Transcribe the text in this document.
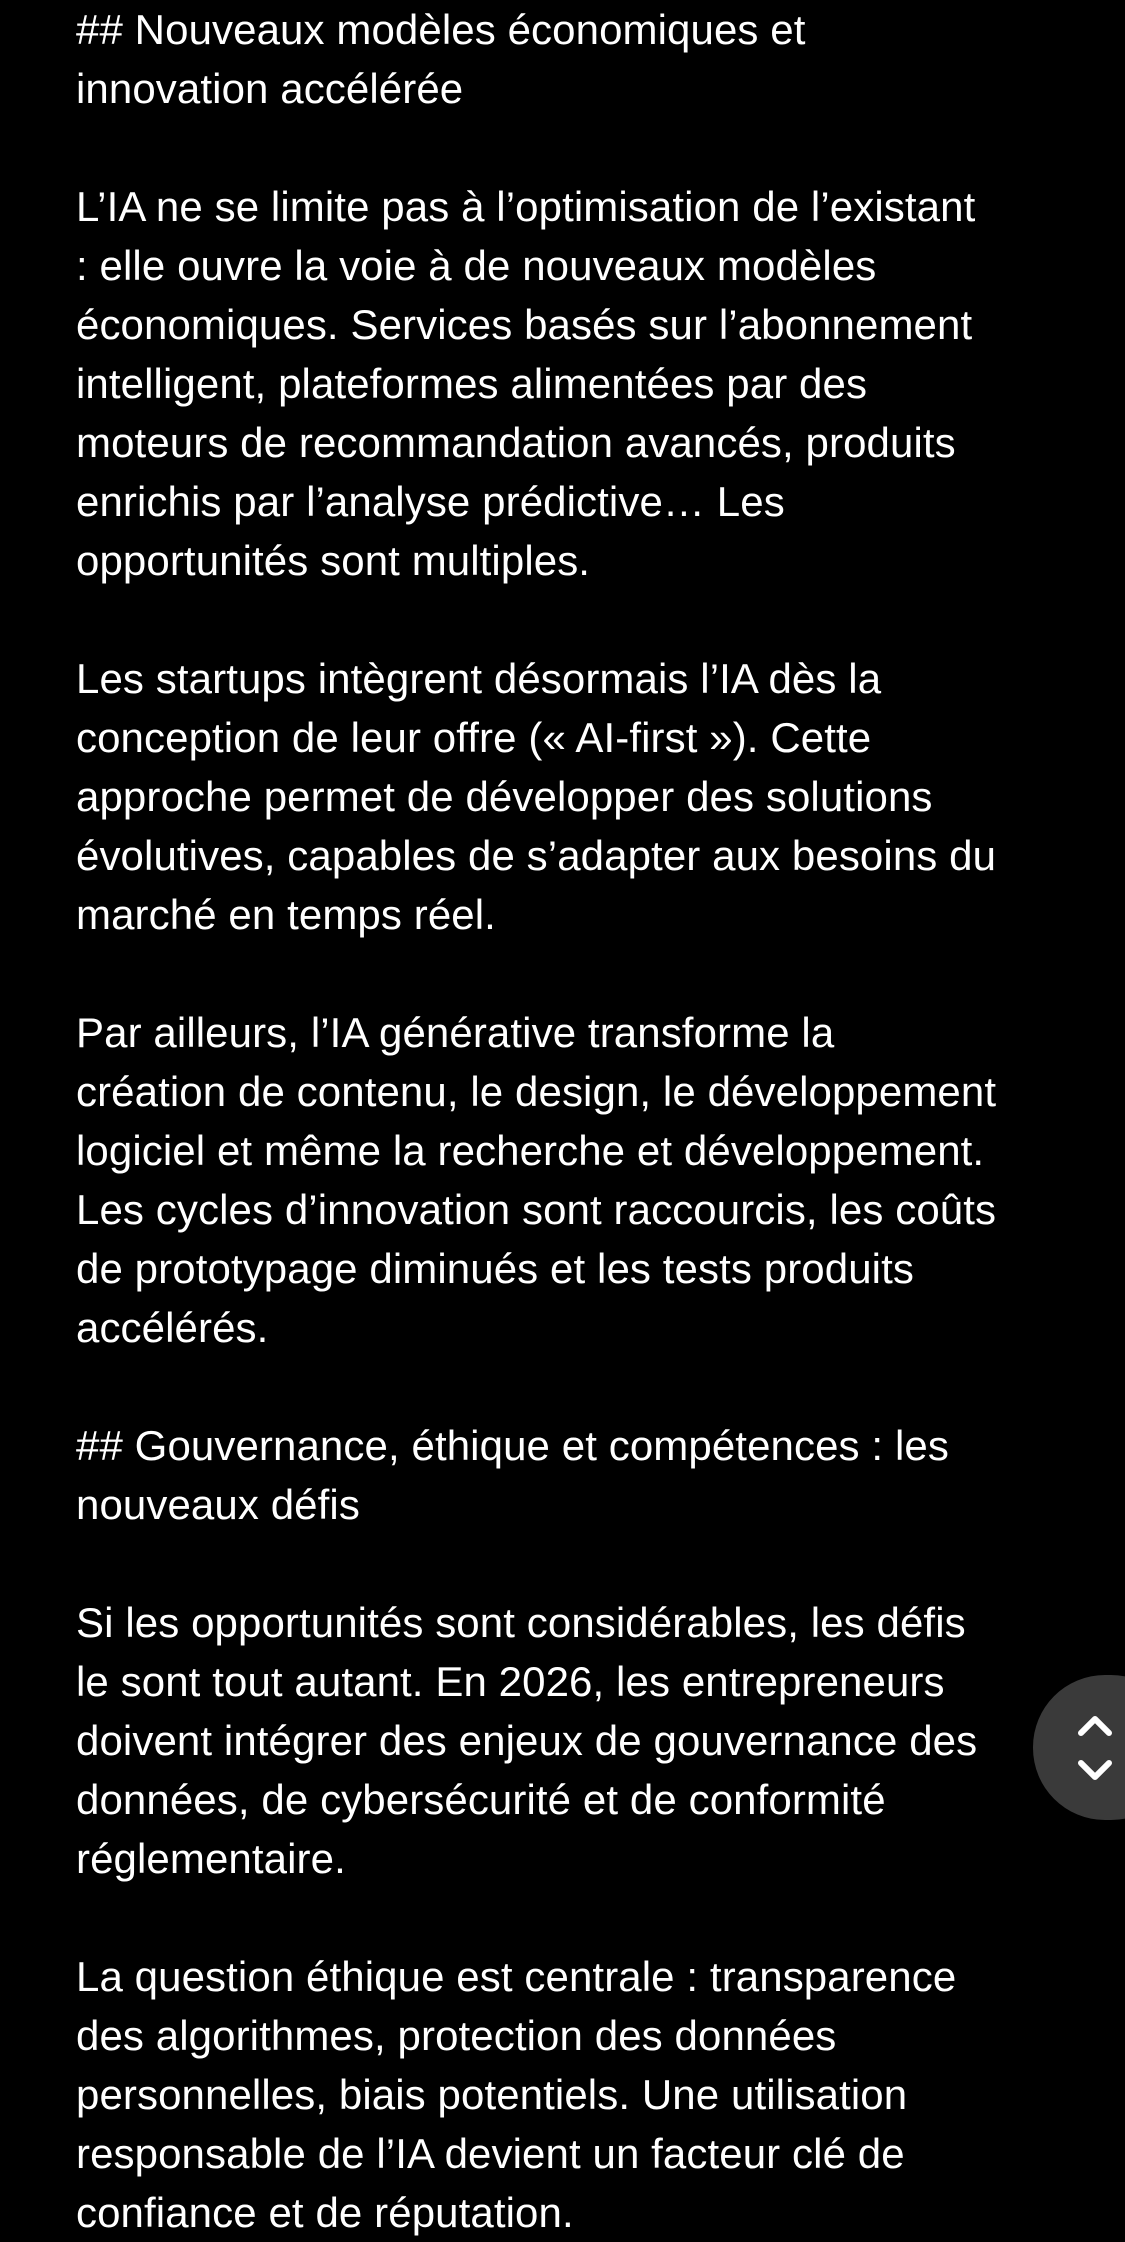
## Nouveaux modèles économiques et
innovation accélérée
L’IA ne se limite pas à l’optimisation de l’existant
: elle ouvre la voie à de nouveaux modèles
économiques. Services basés sur l’abonnement
intelligent, plateformes alimentées par des
moteurs de recommandation avancés, produits
enrichis par l’analyse prédictive… Les
opportunités sont multiples.
Les startups intègrent désormais l’IA dès la
conception de leur offre (« AI-first »). Cette
approche permet de développer des solutions
évolutives, capables de s’adapter aux besoins du
marché en temps réel.
Par ailleurs, l’IA générative transforme la
création de contenu, le design, le développement
logiciel et même la recherche et développement.
Les cycles d’innovation sont raccourcis, les coûts
de prototypage diminués et les tests produits
accélérés.
## Gouvernance, éthique et compétences : les
nouveaux défis
Si les opportunités sont considérables, les défis
le sont tout autant. En 2026, les entrepreneurs
doivent intégrer des enjeux de gouvernance des
données, de cybersécurité et de conformité
réglementaire.
La question éthique est centrale : transparence
des algorithmes, protection des données
personnelles, biais potentiels. Une utilisation
responsable de l’IA devient un facteur clé de
confiance et de réputation.
